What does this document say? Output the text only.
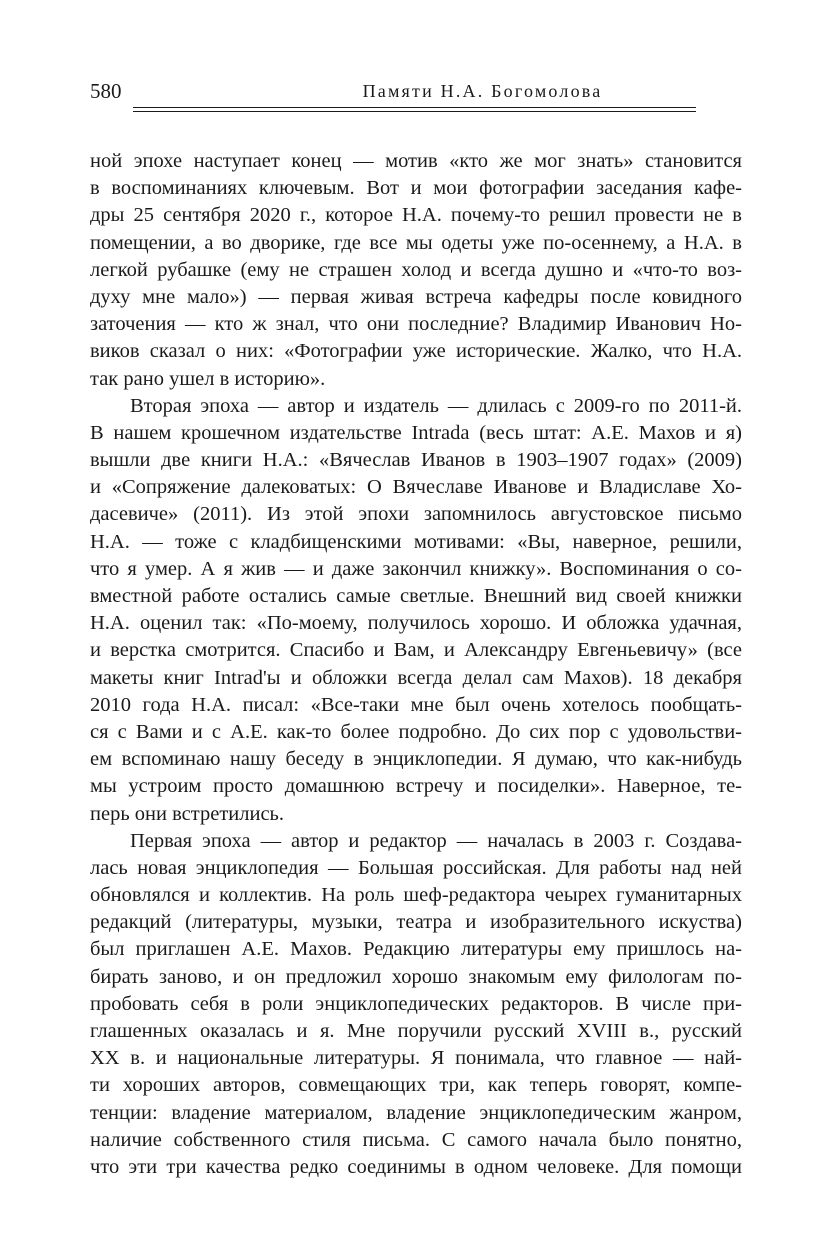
580	Памяти Н.А. Богомолова
ной эпохе наступает конец — мотив «кто же мог знать» становится
в воспоминаниях ключевым. Вот и мои фотографии заседания кафе-
дры 25 сентября 2020 г., которое Н.А. почему-то решил провести не в
помещении, а во дворике, где все мы одеты уже по-осеннему, а Н.А. в
легкой рубашке (ему не страшен холод и всегда душно и «что-то воз-
духу мне мало») — первая живая встреча кафедры после ковидного
заточения — кто ж знал, что они последние? Владимир Иванович Но-
виков сказал о них: «Фотографии уже исторические. Жалко, что Н.А.
так рано ушел в историю».
Вторая эпоха — автор и издатель — длилась с 2009-го по 2011-й.
В нашем крошечном издательстве Intrada (весь штат: А.Е. Махов и я)
вышли две книги Н.А.: «Вячеслав Иванов в 1903–1907 годах» (2009)
и «Сопряжение далековатых: О Вячеславе Иванове и Владиславе Хо-
дасевиче» (2011). Из этой эпохи запомнилось августовское письмо
Н.А. — тоже с кладбищенскими мотивами: «Вы, наверное, решили,
что я умер. А я жив — и даже закончил книжку». Воспоминания о со-
вместной работе остались самые светлые. Внешний вид своей книжки
Н.А. оценил так: «По-моему, получилось хорошо. И обложка удачная,
и верстка смотрится. Спасибо и Вам, и Александру Евгеньевичу» (все
макеты книг Intrad'ы и обложки всегда делал сам Махов). 18 декабря
2010 года Н.А. писал: «Все-таки мне был очень хотелось пообщать-
ся с Вами и с А.Е. как-то более подробно. До сих пор с удовольстви-
ем вспоминаю нашу беседу в энциклопедии. Я думаю, что как-нибудь
мы устроим просто домашнюю встречу и посиделки». Наверное, те-
перь они встретились.
Первая эпоха — автор и редактор — началась в 2003 г. Создава-
лась новая энциклопедия — Большая российская. Для работы над ней
обновлялся и коллектив. На роль шеф-редактора чеырех гуманитарных
редакций (литературы, музыки, театра и изобразительного искуства)
был приглашен А.Е. Махов. Редакцию литературы ему пришлось на-
бирать заново, и он предложил хорошо знакомым ему филологам по-
пробовать себя в роли энциклопедических редакторов. В числе при-
глашенных оказалась и я. Мне поручили русский XVIII в., русский
XX в. и национальные литературы. Я понимала, что главное — най-
ти хороших авторов, совмещающих три, как теперь говорят, компе-
тенции: владение материалом, владение энциклопедическим жанром,
наличие собственного стиля письма. С самого начала было понятно,
что эти три качества редко соединимы в одном человеке. Для помощи
